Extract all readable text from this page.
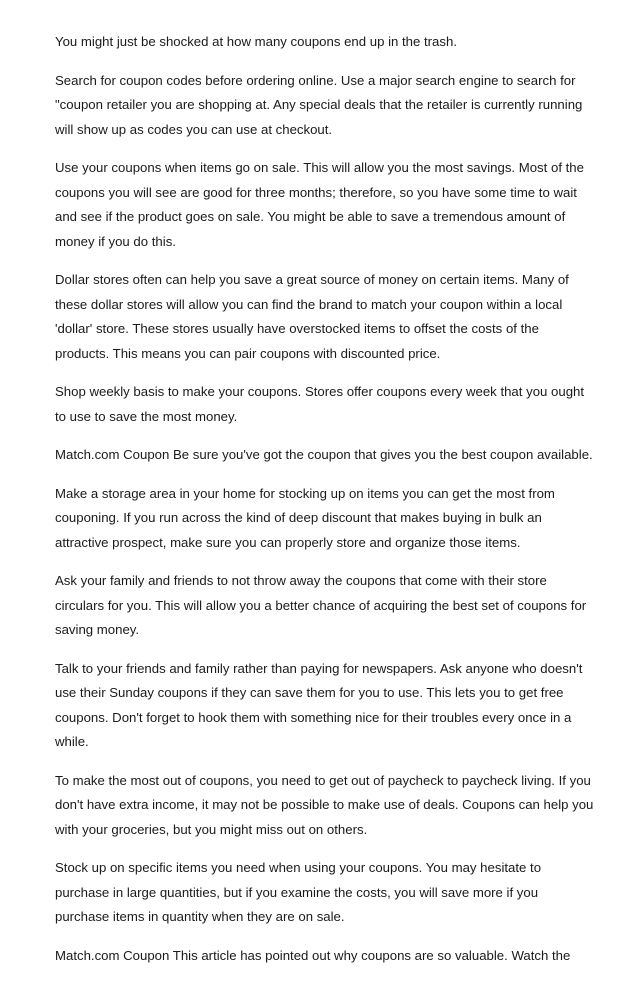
You might just be shocked at how many coupons end up in the trash.

Search for coupon codes before ordering online. Use a major search engine to search for "coupon retailer you are shopping at. Any special deals that the retailer is currently running will show up as codes you can use at checkout.

Use your coupons when items go on sale. This will allow you the most savings. Most of the coupons you will see are good for three months; therefore, so you have some time to wait and see if the product goes on sale. You might be able to save a tremendous amount of money if you do this.

Dollar stores often can help you save a great source of money on certain items. Many of these dollar stores will allow you can find the brand to match your coupon within a local 'dollar' store. These stores usually have overstocked items to offset the costs of the products. This means you can pair coupons with discounted price.

Shop weekly basis to make your coupons. Stores offer coupons every week that you ought to use to save the most money.

Match.com Coupon Be sure you've got the coupon that gives you the best coupon available.

Make a storage area in your home for stocking up on items you can get the most from couponing. If you run across the kind of deep discount that makes buying in bulk an attractive prospect, make sure you can properly store and organize those items.

Ask your family and friends to not throw away the coupons that come with their store circulars for you. This will allow you a better chance of acquiring the best set of coupons for saving money.

Talk to your friends and family rather than paying for newspapers. Ask anyone who doesn't use their Sunday coupons if they can save them for you to use. This lets you to get free coupons. Don't forget to hook them with something nice for their troubles every once in a while.

To make the most out of coupons, you need to get out of paycheck to paycheck living. If you don't have extra income, it may not be possible to make use of deals. Coupons can help you with your groceries, but you might miss out on others.

Stock up on specific items you need when using your coupons. You may hesitate to purchase in large quantities, but if you examine the costs, you will save more if you purchase items in quantity when they are on sale.

Match.com Coupon This article has pointed out why coupons are so valuable. Watch the
